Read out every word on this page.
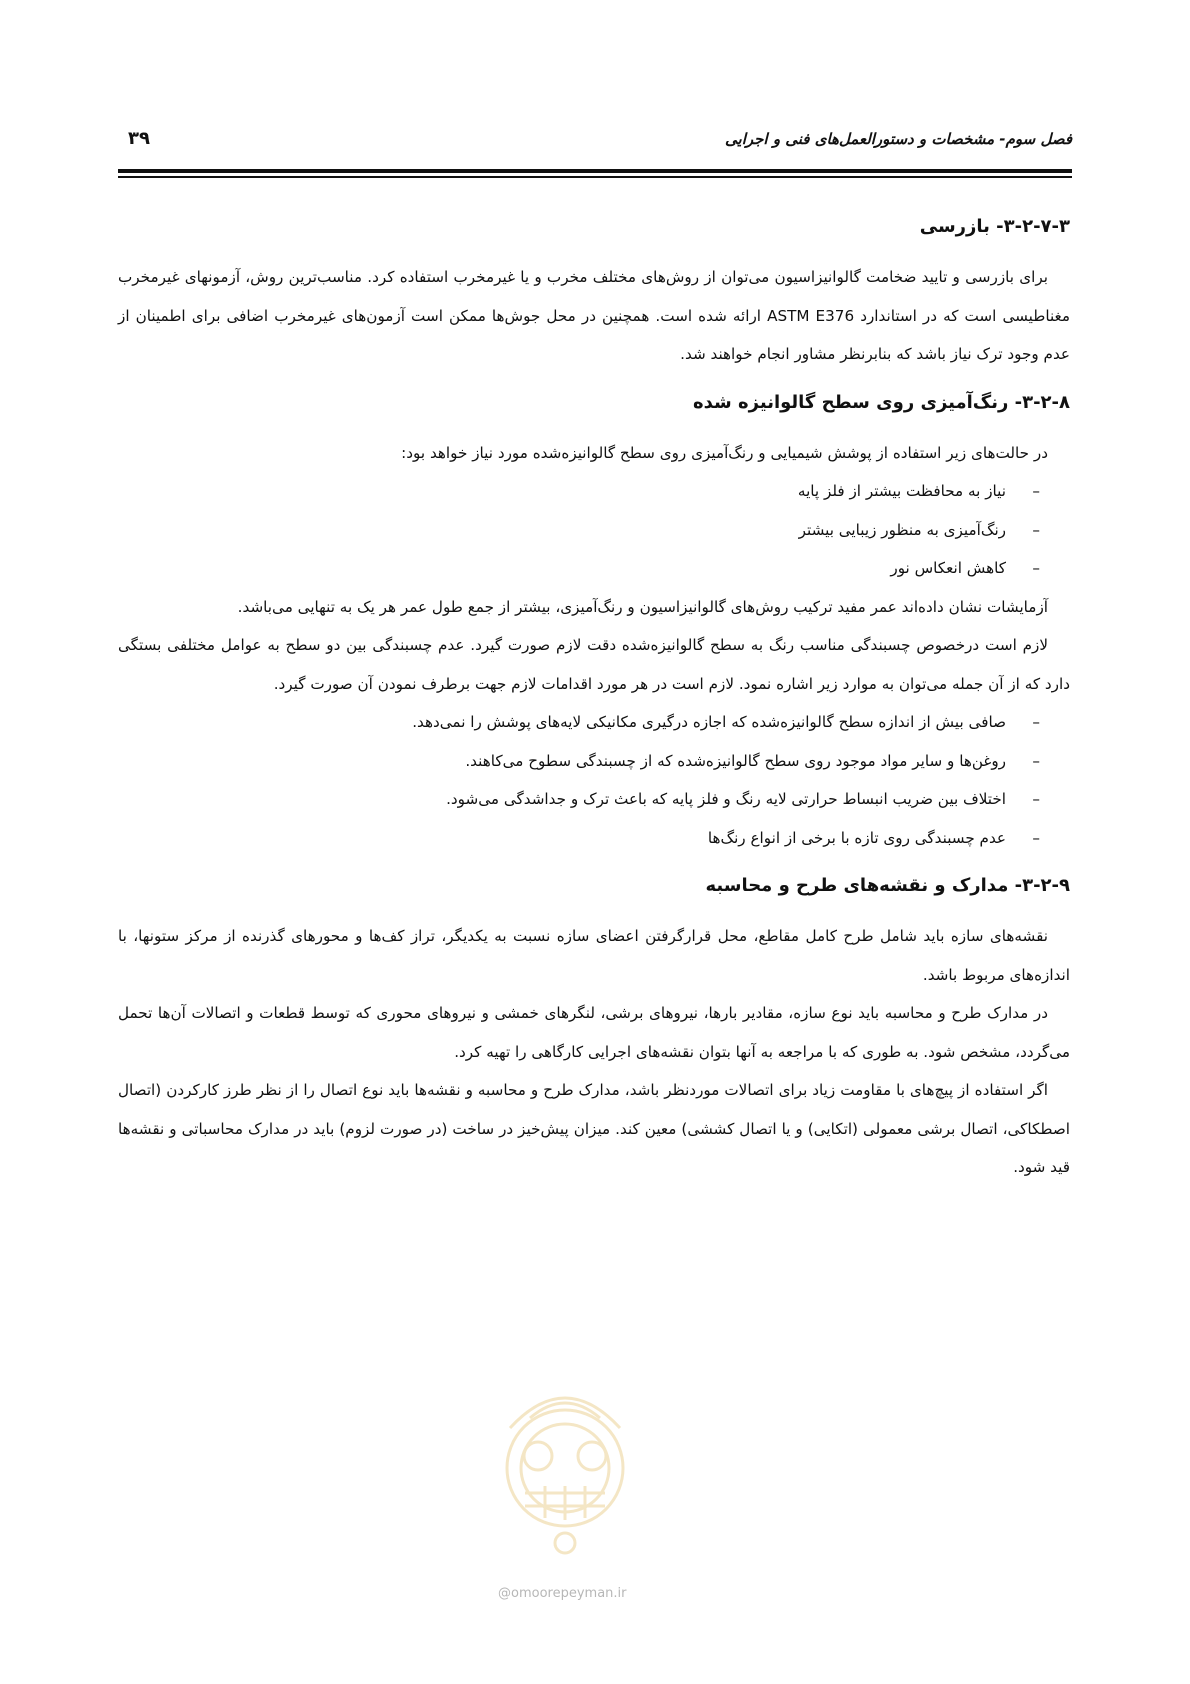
فصل سوم- مشخصات و دستورالعمل‌های فنی و اجرایی
۳۹
۳-۲-۷-۳- بازرسی

برای بازرسی و تایید ضخامت گالوانیزاسیون می‌توان از روش‌های مختلف مخرب و یا غیرمخرب استفاده کرد. مناسب‌ترین روش، آزمونهای غیرمخرب مغناطیسی است که در استاندارد ASTM E376 ارائه شده است. همچنین در محل جوش‌ها ممکن است آزمون‌های غیرمخرب اضافی برای اطمینان از عدم وجود ترک نیاز باشد که بنابرنظر مشاور انجام خواهند شد.

۳-۲-۸- رنگ‌آمیزی روی سطح گالوانیزه شده

در حالت‌های زیر استفاده از پوشش شیمیایی و رنگ‌آمیزی روی سطح گالوانیزه‌شده مورد نیاز خواهد بود:

–
نیاز به محافظت بیشتر از فلز پایه
–
رنگ‌آمیزی به منظور زیبایی بیشتر
–
کاهش انعکاس نور

آزمایشات نشان داده‌اند عمر مفید ترکیب روش‌های گالوانیزاسیون و رنگ‌آمیزی، بیشتر از جمع طول عمر هر یک به تنهایی می‌باشد.

لازم است درخصوص چسبندگی مناسب رنگ به سطح گالوانیزه‌شده دقت لازم صورت گیرد. عدم چسبندگی بین دو سطح به عوامل مختلفی بستگی دارد که از آن جمله می‌توان به موارد زیر اشاره نمود. لازم است در هر مورد اقدامات لازم جهت برطرف نمودن آن صورت گیرد.

–
صافی بیش از اندازه سطح گالوانیزه‌شده که اجازه درگیری مکانیکی لایه‌های پوشش را نمی‌دهد.
–
روغن‌ها و سایر مواد موجود روی سطح گالوانیزه‌شده که از چسبندگی سطوح می‌کاهند.
–
اختلاف بین ضریب انبساط حرارتی لایه رنگ و فلز پایه که باعث ترک و جداشدگی می‌شود.
–
عدم چسبندگی روی تازه با برخی از انواع رنگ‌ها
۳-۲-۹- مدارک و نقشه‌های طرح و محاسبه

نقشه‌های سازه باید شامل طرح کامل مقاطع، محل قرارگرفتن اعضای سازه نسبت به یکدیگر، تراز کف‌ها و محورهای گذرنده از مرکز ستونها، با اندازه‌های مربوط باشد.

در مدارک طرح و محاسبه باید نوع سازه، مقادیر بارها، نیروهای برشی، لنگرهای خمشی و نیروهای محوری که توسط قطعات و اتصالات آن‌ها تحمل می‌گردد، مشخص شود. به طوری که با مراجعه به آنها بتوان نقشه‌های اجرایی کارگاهی را تهیه کرد.

اگر استفاده از پیچ‌های با مقاومت زیاد برای اتصالات موردنظر باشد، مدارک طرح و محاسبه و نقشه‌ها باید نوع اتصال را از نظر طرز کارکردن (اتصال اصطکاکی، اتصال برشی معمولی (اتکایی) و یا اتصال کششی) معین کند. میزان پیش‌خیز در ساخت (در صورت لزوم) باید در مدارک محاسباتی و نقشه‌ها قید شود.

@omoorepeyman.ir
